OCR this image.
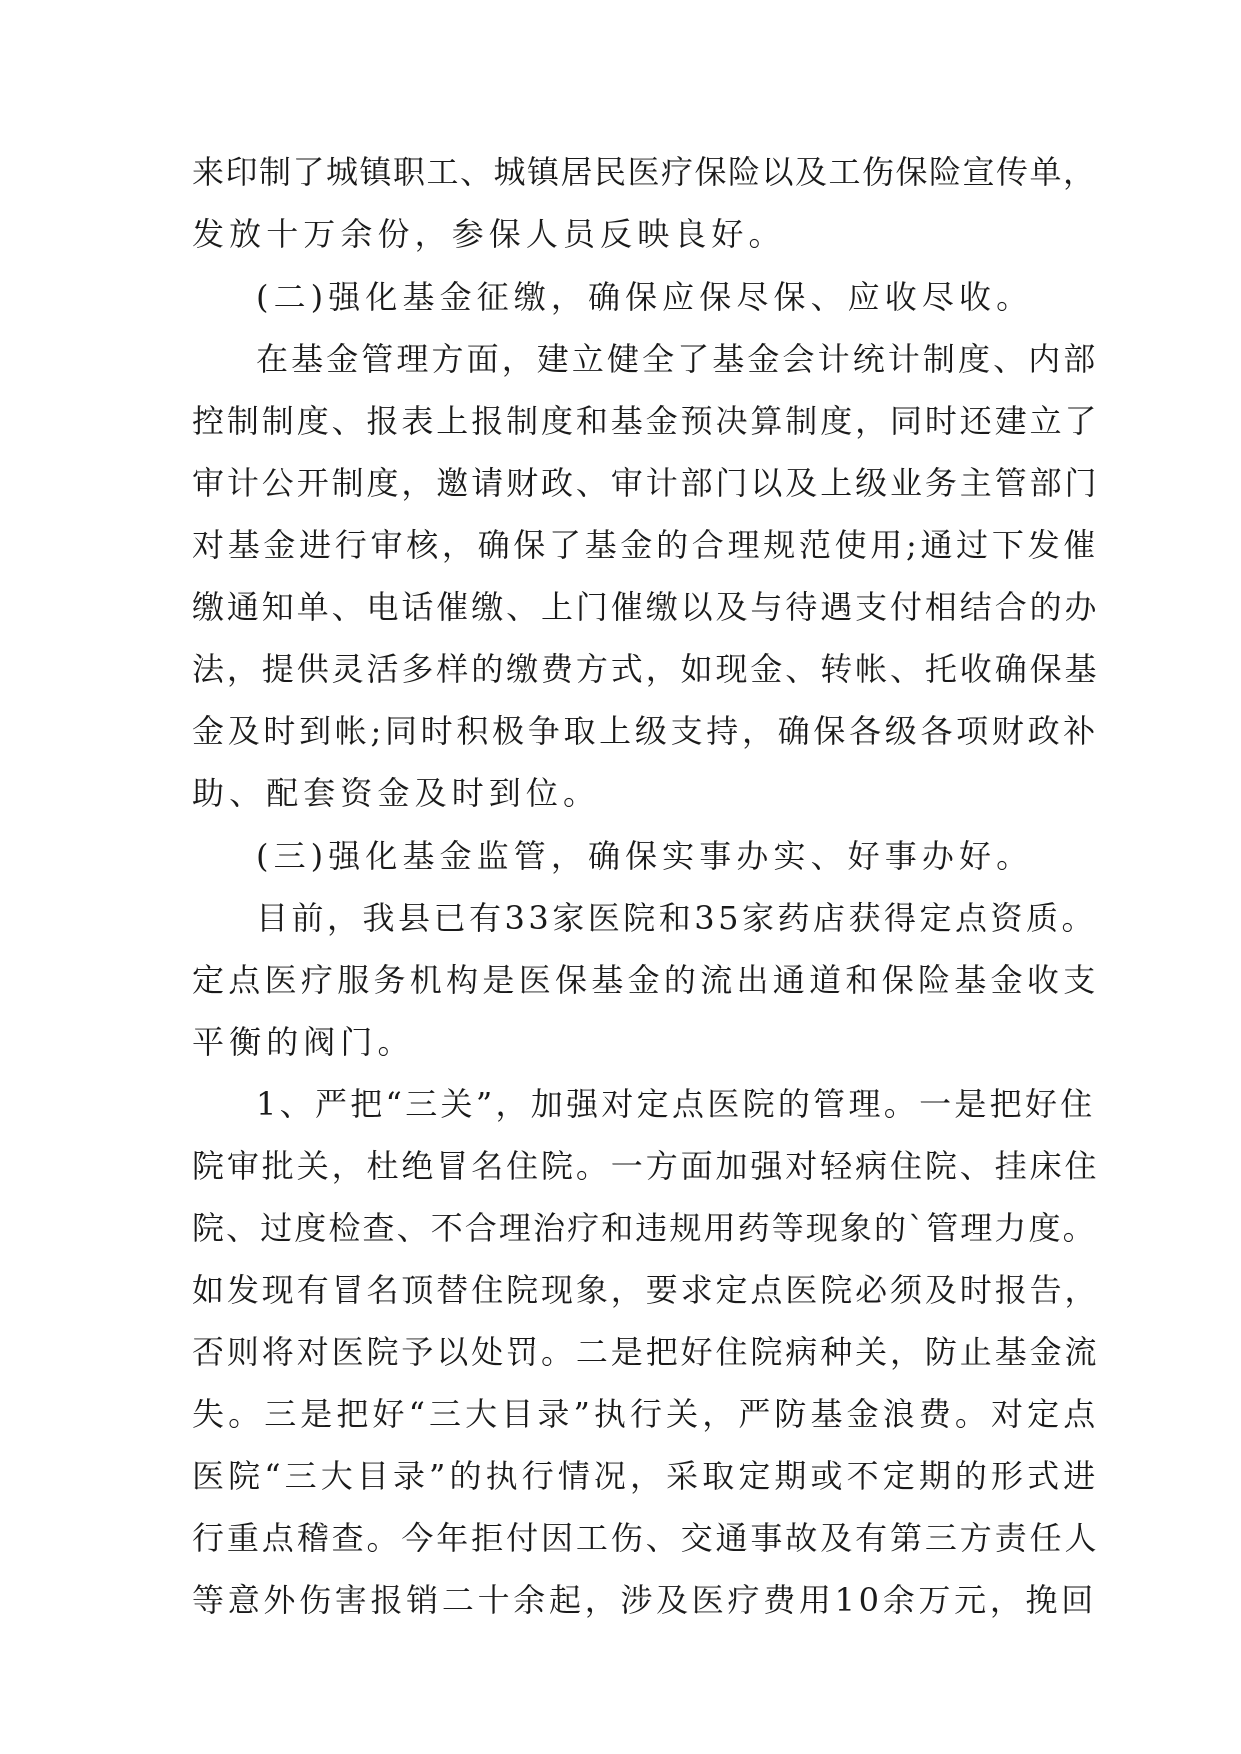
来印制了城镇职工、城镇居民医疗保险以及工伤保险宣传单，
发放十万余份，参保人员反映良好。
(二)强化基金征缴，确保应保尽保、应收尽收。
在基金管理方面，建立健全了基金会计统计制度、内部
控制制度、报表上报制度和基金预决算制度，同时还建立了
审计公开制度，邀请财政、审计部门以及上级业务主管部门
对基金进行审核，确保了基金的合理规范使用;通过下发催
缴通知单、电话催缴、上门催缴以及与待遇支付相结合的办
法，提供灵活多样的缴费方式，如现金、转帐、托收确保基
金及时到帐;同时积极争取上级支持，确保各级各项财政补
助、配套资金及时到位。
(三)强化基金监管，确保实事办实、好事办好。
目前，我县已有33家医院和35家药店获得定点资质。
定点医疗服务机构是医保基金的流出通道和保险基金收支
平衡的阀门。
1、严把“三关”，加强对定点医院的管理。一是把好住
院审批关，杜绝冒名住院。一方面加强对轻病住院、挂床住
院、过度检查、不合理治疗和违规用药等现象的`管理力度。
如发现有冒名顶替住院现象，要求定点医院必须及时报告，
否则将对医院予以处罚。二是把好住院病种关，防止基金流
失。三是把好“三大目录”执行关，严防基金浪费。对定点
医院“三大目录”的执行情况，采取定期或不定期的形式进
行重点稽查。今年拒付因工伤、交通事故及有第三方责任人
等意外伤害报销二十余起，涉及医疗费用10余万元，挽回
